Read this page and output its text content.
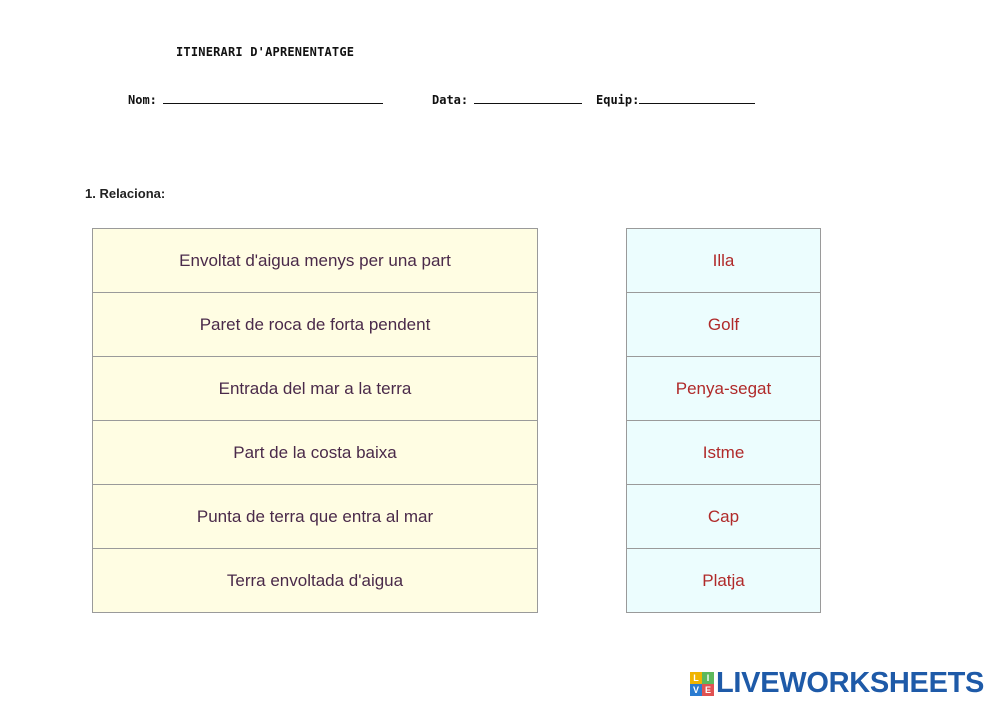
ITINERARI D'APRENENTATGE
Nom:	Data:	Equip:
1. Relaciona:
Envoltat d'aigua menys per una part
Paret de roca de forta pendent
Entrada del mar a la terra
Part de la costa baixa
Punta de terra que entra al mar
Terra envoltada d'aigua
Illa
Golf
Penya-segat
Istme
Cap
Platja
L I
V E LIVEWORKSHEETS
